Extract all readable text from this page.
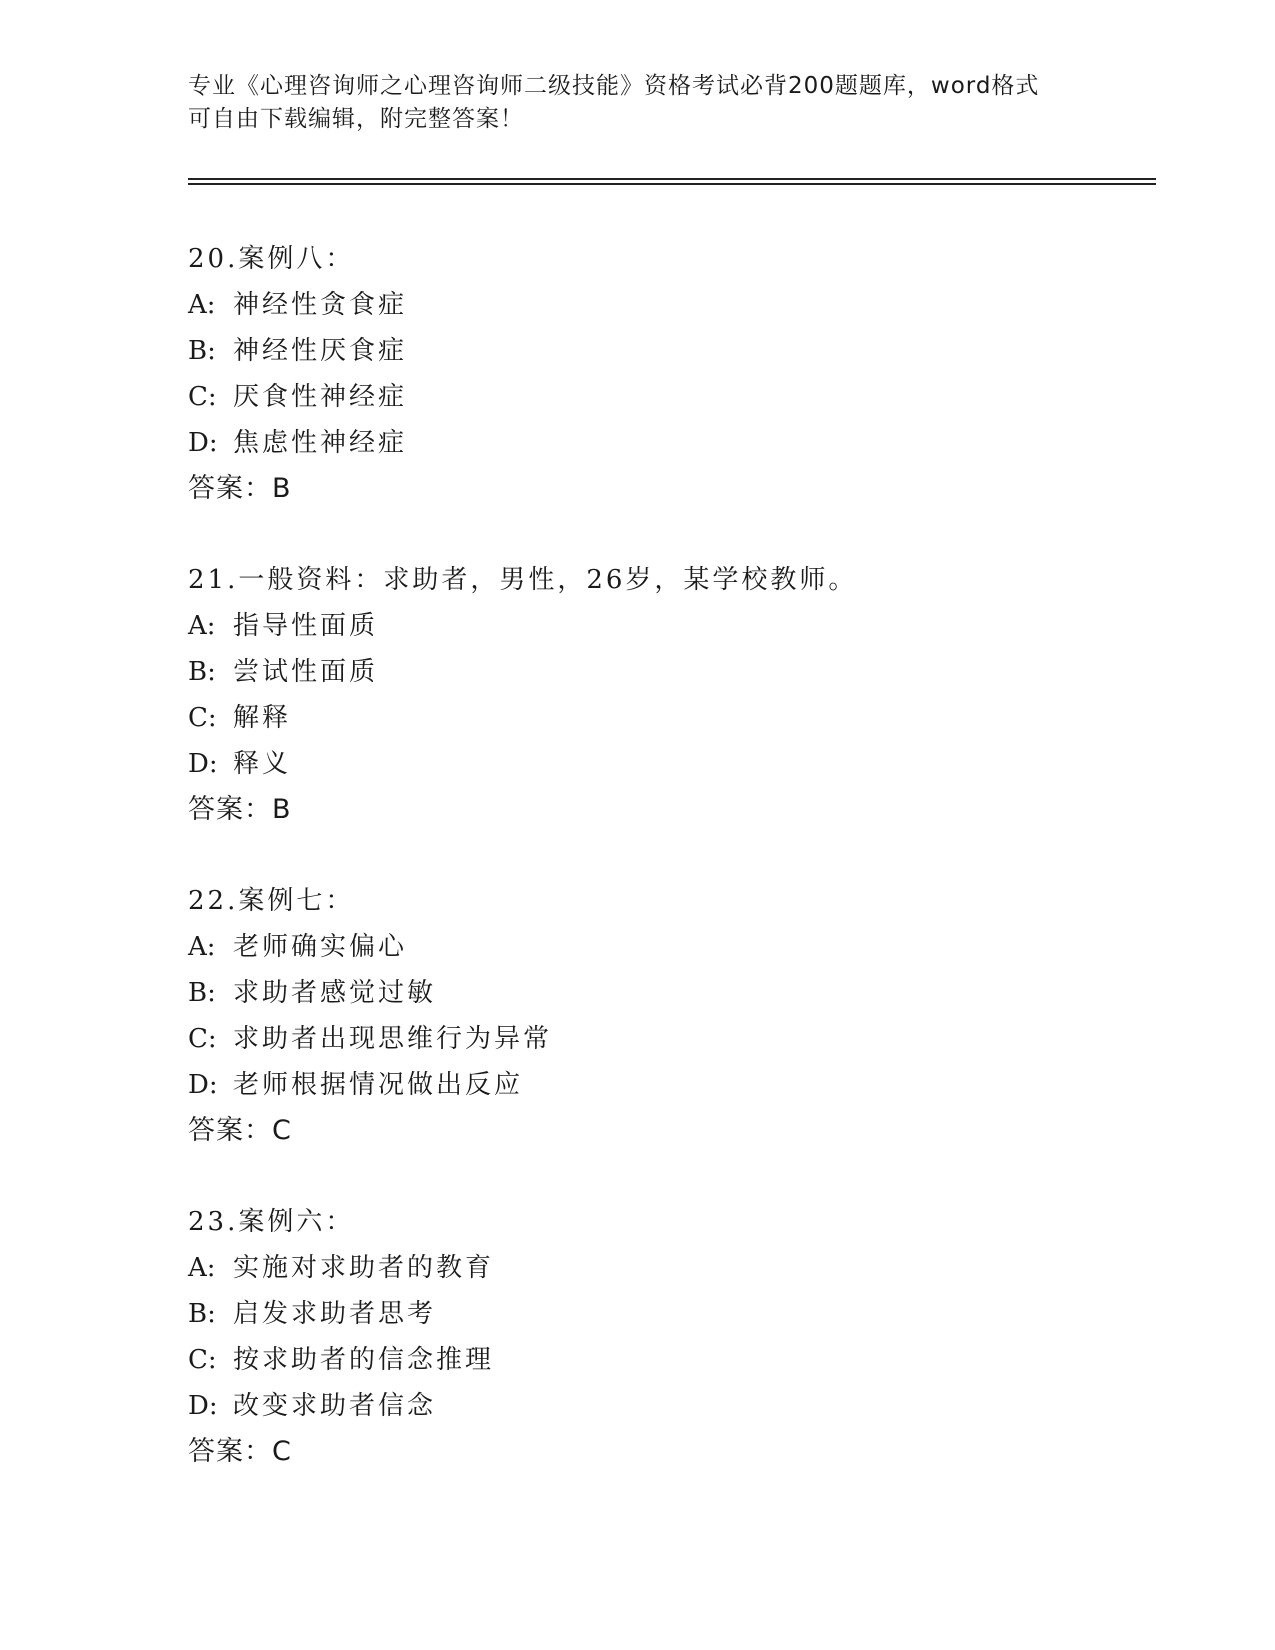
专业《心理咨询师之心理咨询师二级技能》资格考试必背200题题库，word格式
可自由下载编辑，附完整答案！
20.案例八：
A: 神经性贪食症
B: 神经性厌食症
C: 厌食性神经症
D: 焦虑性神经症
答案：B
21.一般资料：求助者，男性，26岁，某学校教师。
A: 指导性面质
B: 尝试性面质
C: 解释
D: 释义
答案：B
22.案例七：
A: 老师确实偏心
B: 求助者感觉过敏
C: 求助者出现思维行为异常
D: 老师根据情况做出反应
答案：C
23.案例六：
A: 实施对求助者的教育
B: 启发求助者思考
C: 按求助者的信念推理
D: 改变求助者信念
答案：C
